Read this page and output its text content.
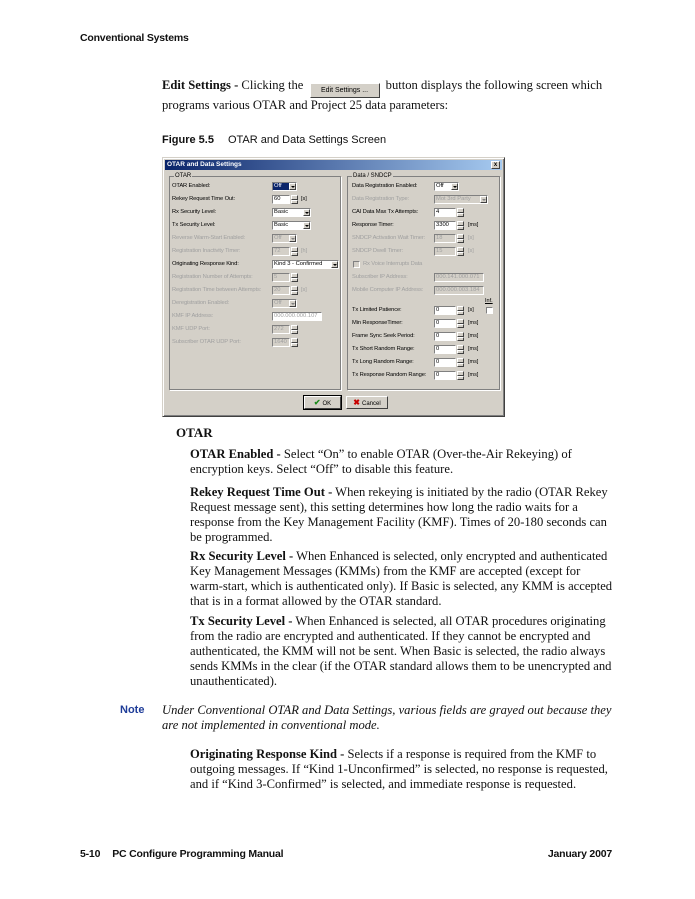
Conventional Systems
Edit Settings - Clicking the	Edit Settings ... button displays the following screen which programs various OTAR and Project 25 data parameters:
Figure 5.5 OTAR and Data Settings Screen
OTAR and Data Settings	x
OTAR
OTAR Enabled:	Off
Rekey Request Time Out:	60	[s]
Rx Security Level:	Basic
Tx Security Level:	Basic
Reverse Warm-Start Enabled:	Off
Registration Inactivity Timer:	72	[h]
Originating Response Kind:	Kind 3 - Confirmed
Registration Number of Attempts:	5
Registration Time between Attempts:	20	[s]
Deregistration Enabled:	Off
KMF IP Address:	000.000.000.107
KMF UDP Port:	272
Subscriber OTAR UDP Port:	1640
Data / SNDCP
Data Registration Enabled:	Off
Data Registration Type:	Mot 3rd Party
CAI Data Max Tx Attempts:	4
Response Timer:	3300	[ms]
SNDCP Activation Wait Timer:	18	[s]
SNDCP Dwell Timer:	15	[s]
Rx Voice Interrupts Data
Subscriber IP Address:	000.141.000.071
Mobile Computer IP Address:	000.000.003.184
Inf.
Tx Limited Patience:	0	[s]
Min ResponseTimer:	0	[ms]
Frame Sync Seek Period:	0	[ms]
Tx Short Random Range:	0	[ms]
Tx Long Random Range:	0	[ms]
Tx Response Random Range:	0	[ms]
✔ OK	✖ Cancel
OTAR
OTAR Enabled - Select “On” to enable OTAR (Over-the-Air Rekeying) of encryption keys. Select “Off” to disable this feature.
Rekey Request Time Out - When rekeying is initiated by the radio (OTAR Rekey Request message sent), this setting determines how long the radio waits for a response from the Key Management Facility (KMF). Times of 20-180 seconds can be programmed.
Rx Security Level - When Enhanced is selected, only encrypted and authenticated Key Management Messages (KMMs) from the KMF are accepted (except for warm-start, which is authenticated only). If Basic is selected, any KMM is accepted that is in a format allowed by the OTAR standard.
Tx Security Level - When Enhanced is selected, all OTAR procedures originating from the radio are encrypted and authenticated. If they cannot be encrypted and authenticated, the KMM will not be sent. When Basic is selected, the radio always sends KMMs in the clear (if the OTAR standard allows them to be unencrypted and unauthenticated).
Note Under Conventional OTAR and Data Settings, various fields are grayed out because they are not implemented in conventional mode.
Originating Response Kind - Selects if a response is required from the KMF to outgoing messages. If “Kind 1-Unconfirmed” is selected, no response is requested, and if “Kind 3-Confirmed” is selected, and immediate response is requested.
5-10 PC Configure Programming Manual	January 2007
